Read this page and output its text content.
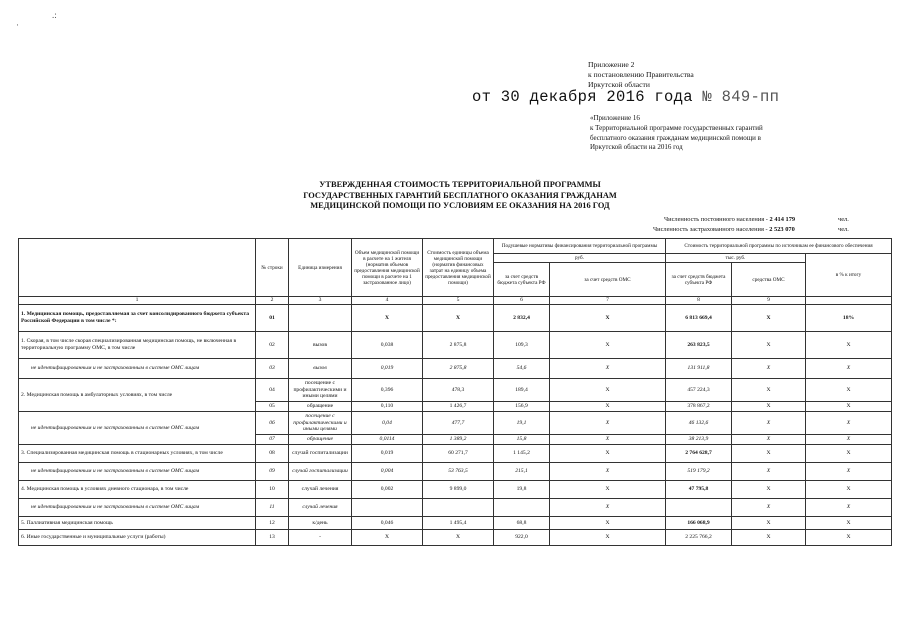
·
.:
Приложение 2
к постановлению Правительства
Иркутской области
от 30 декабря 2016 года № 849-пп
«Приложение 16
к Территориальной программе государственных гарантий
бесплатного оказания гражданам медицинской помощи в
Иркутской области на 2016 год
УТВЕРЖДЕННАЯ СТОИМОСТЬ ТЕРРИТОРИАЛЬНОЙ ПРОГРАММЫ
ГОСУДАРСТВЕННЫХ ГАРАНТИЙ БЕСПЛАТНОГО ОКАЗАНИЯ ГРАЖДАНАМ
МЕДИЦИНСКОЙ ПОМОЩИ ПО УСЛОВИЯМ ЕЕ ОКАЗАНИЯ НА 2016 ГОД
Численность постоянного населения - 2 414 179	чел.
Численность застрахованного населения - 2 523 070	чел.
	№ строки	Единица измерения	Объем медицинской помощи в расчете на 1 жителя (норматив объемов предоставления медицинской помощи в расчете на 1 застрахованное лицо)	Стоимость единицы объема медицинской помощи (норматив финансовых затрат на единицу объема предоставления медицинской помощи)	Подушевые нормативы финансирования территориальной программы		Стоимость территориальной программы по источникам ее финансового обеспечения		
					руб.		тыс. руб.		в % к итогу
					за счет средств бюджета субъекта РФ	за счет средств ОМС	за счет средств бюджета субъекта РФ	средства ОМС	
1	2	3	4	5	6	7	8	9	
1. Медицинская помощь, предоставляемая за счет консолидированного бюджета субъекта Российской Федерации в том числе *:	01		X	X	2 832,4	X	6 813 669,4	X	18%
1. Скорая, в том числе скорая специализированная медицинская помощь, не включенная в территориальную программу ОМС, в том числе	02	вызов	0,038	2 875,8	109,3	X	263 823,5	X	X
не идентифицированным и не застрахованным в системе ОМС лицам	03	вызов	0,019	2 875,8	54,6	X	131 911,8	X	X
2. Медицинская помощь в амбулаторных условиях, в том числе	04	посещение с профилактическими и иными целями	0,396	478,3	189,4	X	457 224,3	X	X
	05	обращение	0,110	1 426,7	156,9	X	378 867,2	X	X
не идентифицированным и не застрахованным в системе ОМС лицам	06	посещение с профилактическими и иными целями	0,04	477,7	19,1	X	46 132,6	X	X
	07	обращение	0,0114	1 389,2	15,8	X	38 213,9	X	X
3. Специализированная медицинская помощь в стационарных условиях, в том числе	08	случай госпитализации	0,019	60 271,7	1 145,2	X	2 764 628,7	X	X
не идентифицированным и не застрахованным в системе ОМС лицам	09	случай госпитализации	0,004	53 763,5	215,1	X	519 179,2	X	X
4. Медицинская помощь в условиях дневного стационара, в том числе	10	случай лечения	0,002	9 899,0	19,8	X	47 795,8	X	X
не идентифицированным и не застрахованным в системе ОМС лицам	11	случай лечения				X		X	X
5. Паллиативная медицинская помощь	12	к/день	0,046	1 495,4	68,8	X	166 068,9	X	X
6. Иные государственные и муниципальные услуги (работы)	13	-	X	X	922,0	X	2 225 766,2	X	X
